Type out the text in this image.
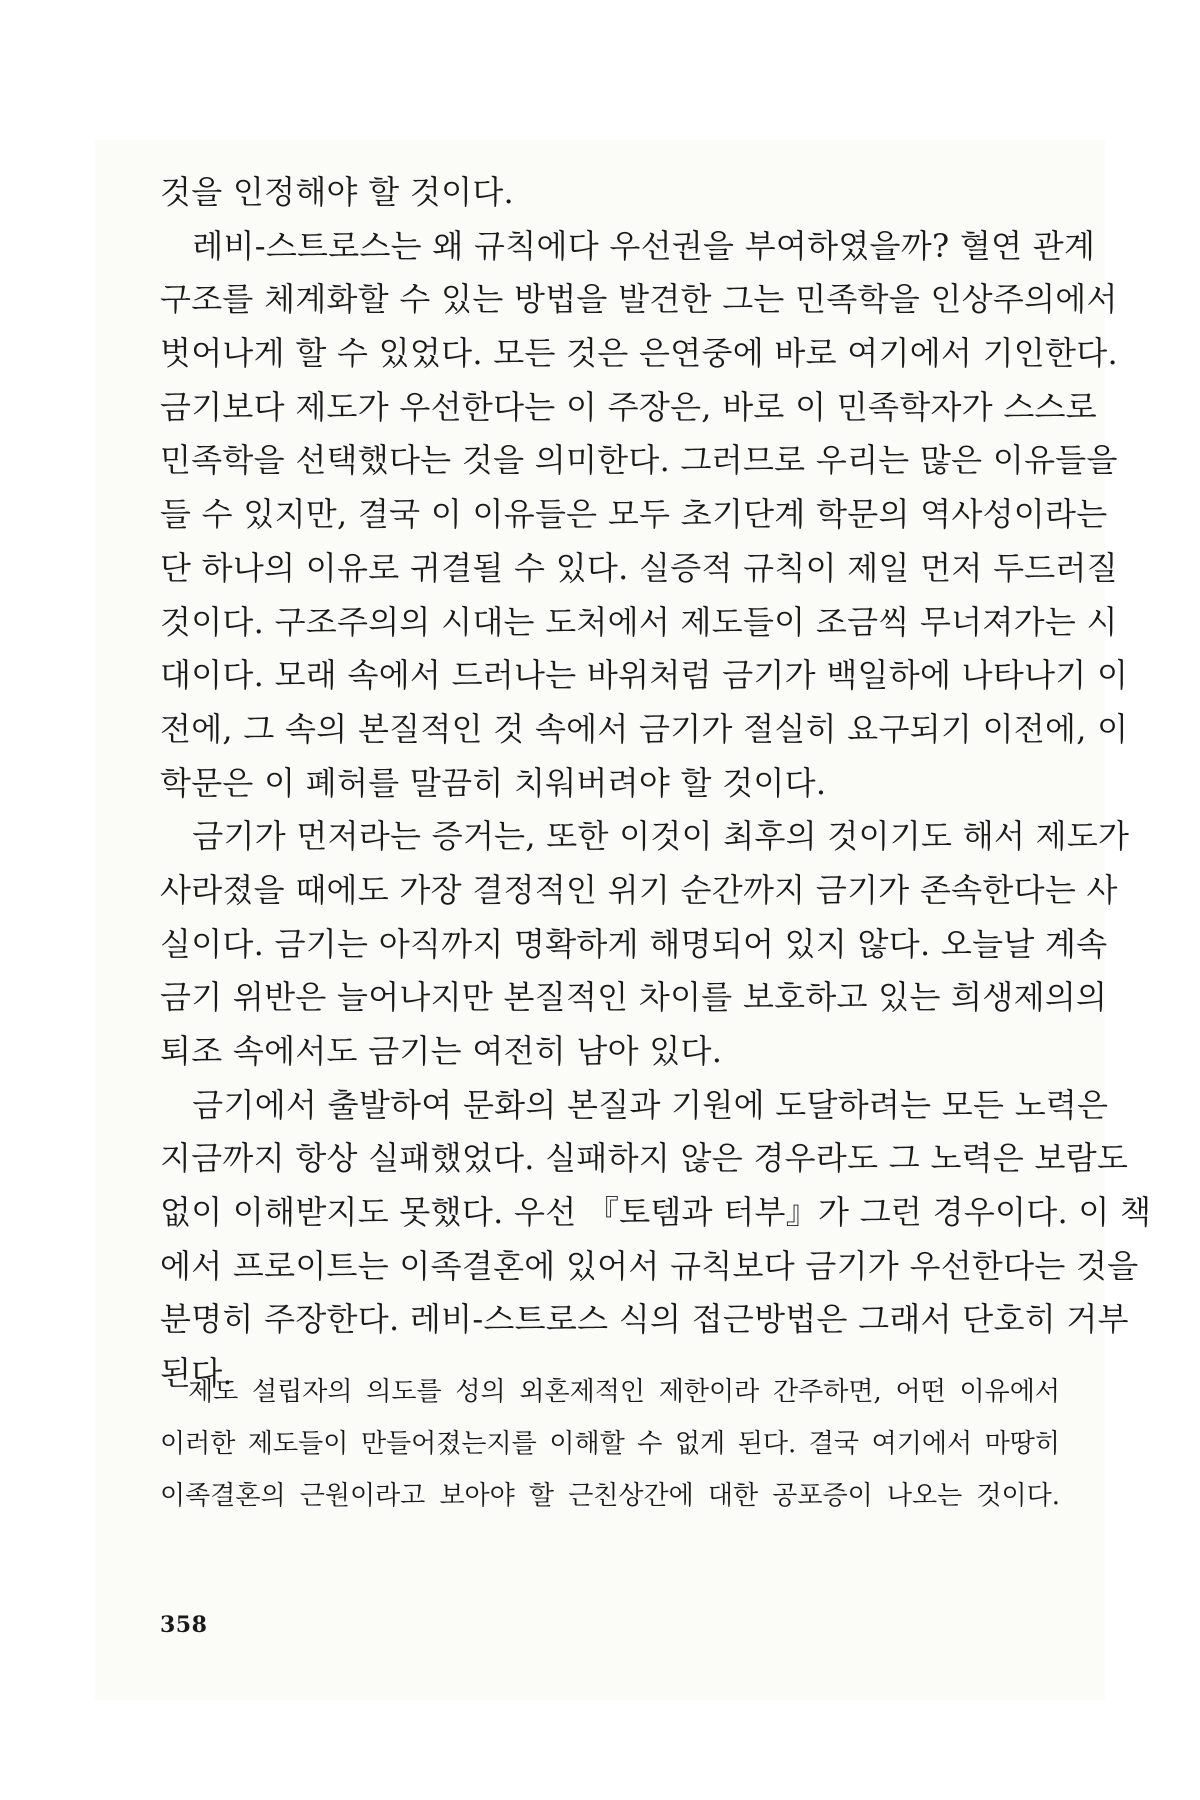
것을 인정해야 할 것이다.
　레비-스트로스는 왜 규칙에다 우선권을 부여하였을까? 혈연 관계
구조를 체계화할 수 있는 방법을 발견한 그는 민족학을 인상주의에서
벗어나게 할 수 있었다. 모든 것은 은연중에 바로 여기에서 기인한다.
금기보다 제도가 우선한다는 이 주장은, 바로 이 민족학자가 스스로
민족학을 선택했다는 것을 의미한다. 그러므로 우리는 많은 이유들을
들 수 있지만, 결국 이 이유들은 모두 초기단계 학문의 역사성이라는
단 하나의 이유로 귀결될 수 있다. 실증적 규칙이 제일 먼저 두드러질
것이다. 구조주의의 시대는 도처에서 제도들이 조금씩 무너져가는 시
대이다. 모래 속에서 드러나는 바위처럼 금기가 백일하에 나타나기 이
전에, 그 속의 본질적인 것 속에서 금기가 절실히 요구되기 이전에, 이
학문은 이 폐허를 말끔히 치워버려야 할 것이다.
　금기가 먼저라는 증거는, 또한 이것이 최후의 것이기도 해서 제도가
사라졌을 때에도 가장 결정적인 위기 순간까지 금기가 존속한다는 사
실이다. 금기는 아직까지 명확하게 해명되어 있지 않다. 오늘날 계속
금기 위반은 늘어나지만 본질적인 차이를 보호하고 있는 희생제의의
퇴조 속에서도 금기는 여전히 남아 있다.
　금기에서 출발하여 문화의 본질과 기원에 도달하려는 모든 노력은
지금까지 항상 실패했었다. 실패하지 않은 경우라도 그 노력은 보람도
없이 이해받지도 못했다. 우선 『토템과 터부』가 그런 경우이다. 이 책
에서 프로이트는 이족결혼에 있어서 규칙보다 금기가 우선한다는 것을
분명히 주장한다. 레비-스트로스 식의 접근방법은 그래서 단호히 거부
된다.
제도 설립자의 의도를 성의 외혼제적인 제한이라 간주하면, 어떤 이유에서
이러한 제도들이 만들어졌는지를 이해할 수 없게 된다. 결국 여기에서 마땅히
이족결혼의 근원이라고 보아야 할 근친상간에 대한 공포증이 나오는 것이다.
358
